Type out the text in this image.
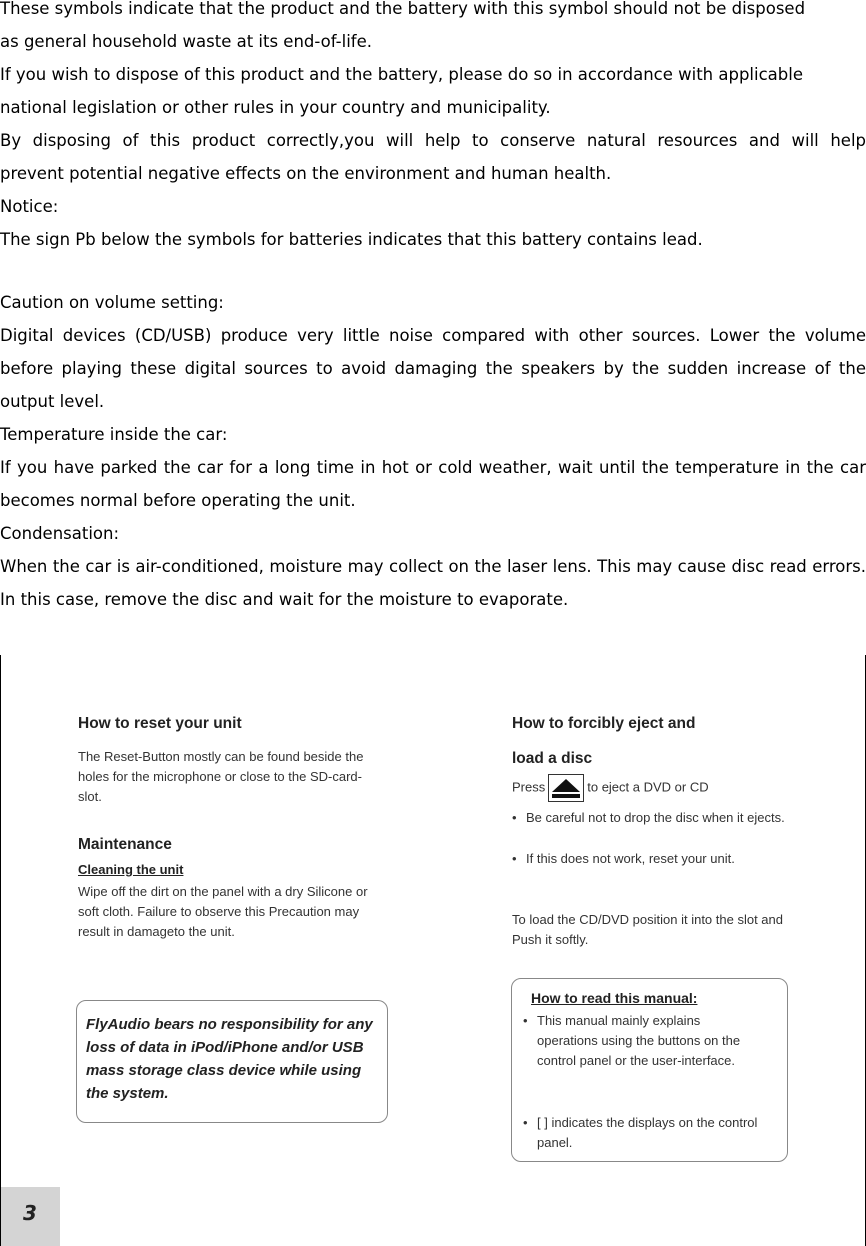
These symbols indicate that the product and the battery with this symbol should not be disposed

as general household waste at its end-of-life.

If you wish to dispose of this product and the battery, please do so in accordance with applicable

national legislation or other rules in your country and municipality.

By disposing of this product correctly,you will help to conserve natural resources and will help

prevent potential negative effects on the environment and human health.

Notice:

The sign Pb below the symbols for batteries indicates that this battery contains lead.

Caution on volume setting:

Digital devices (CD/USB) produce very little noise compared with other sources. Lower the volume before playing these digital sources to avoid damaging the speakers by the sudden increase of the output level.

Temperature inside the car:

If you have parked the car for a long time in hot or cold weather, wait until the temperature in the car becomes normal before operating the unit.

Condensation:

When the car is air-conditioned, moisture may collect on the laser lens. This may cause disc read errors. In this case, remove the disc and wait for the moisture to evaporate.

How to reset your unit

The Reset-Button mostly can be found beside the holes for the microphone or close to the SD-card-slot.

Maintenance
Cleaning the unit

Wipe off the dirt on the panel with a dry Silicone or soft cloth. Failure to observe this Precaution may result in damageto the unit.

FlyAudio bears no responsibility for any loss of data in iPod/iPhone and/or USB mass storage class device while using the system.

How to forcibly eject and
load a disc
Press	to eject a DVD or CD
• Be careful not to drop the disc when it ejects.

• If this does not work, reset your unit.

To load the CD/DVD position it into the slot and Push it softly.

How to read this manual:
• This manual mainly explains operations using the buttons on the control panel or the user-interface.

• [ ] indicates the displays on the control panel.

3
